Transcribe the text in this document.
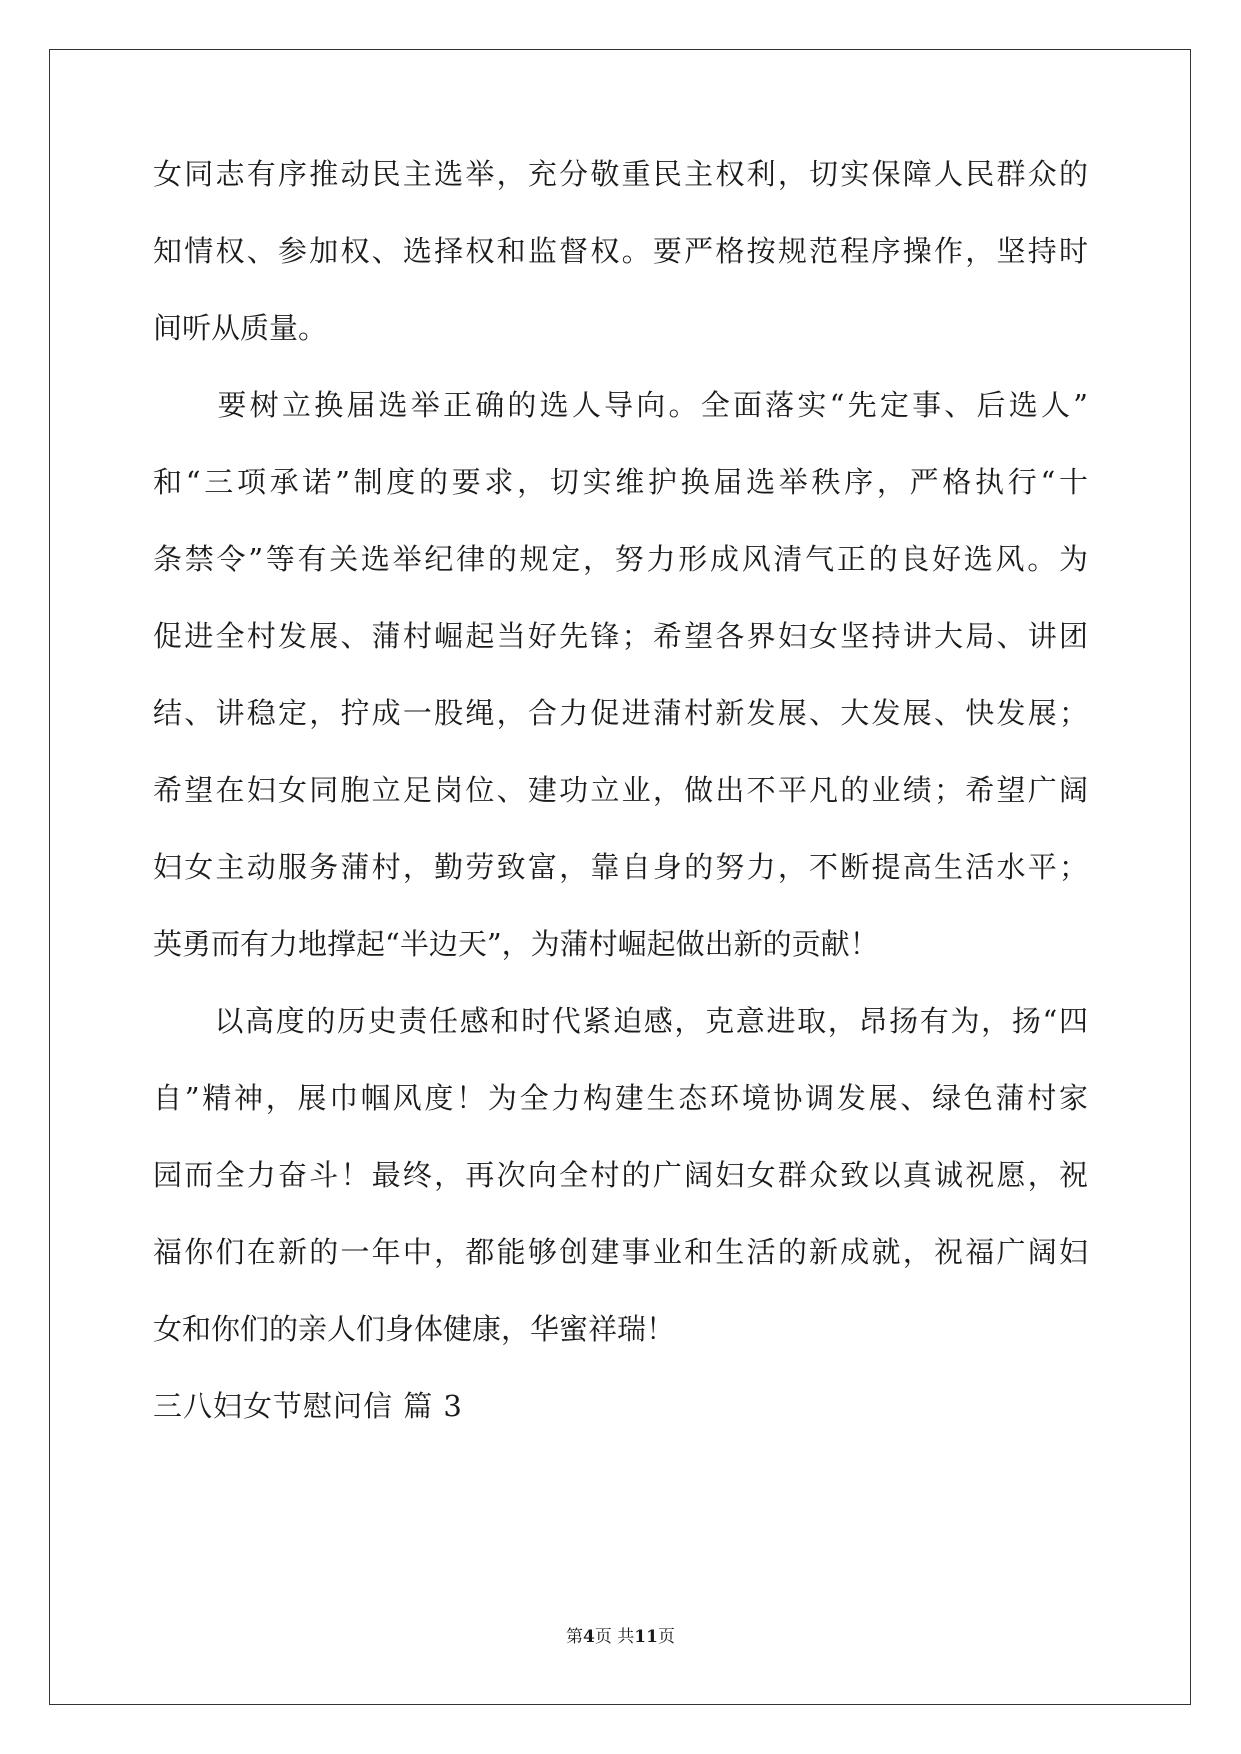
女同志有序推动民主选举，充分敬重民主权利，切实保障人民群众的
知情权、参加权、选择权和监督权。要严格按规范程序操作，坚持时
间听从质量。
　　要树立换届选举正确的选人导向。全面落实“先定事、后选人”
和“三项承诺”制度的要求，切实维护换届选举秩序，严格执行“十
条禁令”等有关选举纪律的规定，努力形成风清气正的良好选风。为
促进全村发展、蒲村崛起当好先锋；希望各界妇女坚持讲大局、讲团
结、讲稳定，拧成一股绳，合力促进蒲村新发展、大发展、快发展；
希望在妇女同胞立足岗位、建功立业，做出不平凡的业绩；希望广阔
妇女主动服务蒲村，勤劳致富，靠自身的努力，不断提高生活水平；
英勇而有力地撑起“半边天”，为蒲村崛起做出新的贡献！
　　以高度的历史责任感和时代紧迫感，克意进取，昂扬有为，扬“四
自”精神，展巾帼风度！为全力构建生态环境协调发展、绿色蒲村家
园而全力奋斗！最终，再次向全村的广阔妇女群众致以真诚祝愿，祝
福你们在新的一年中，都能够创建事业和生活的新成就，祝福广阔妇
女和你们的亲人们身体健康，华蜜祥瑞！
三八妇女节慰问信 篇 3
第4页 共11页
